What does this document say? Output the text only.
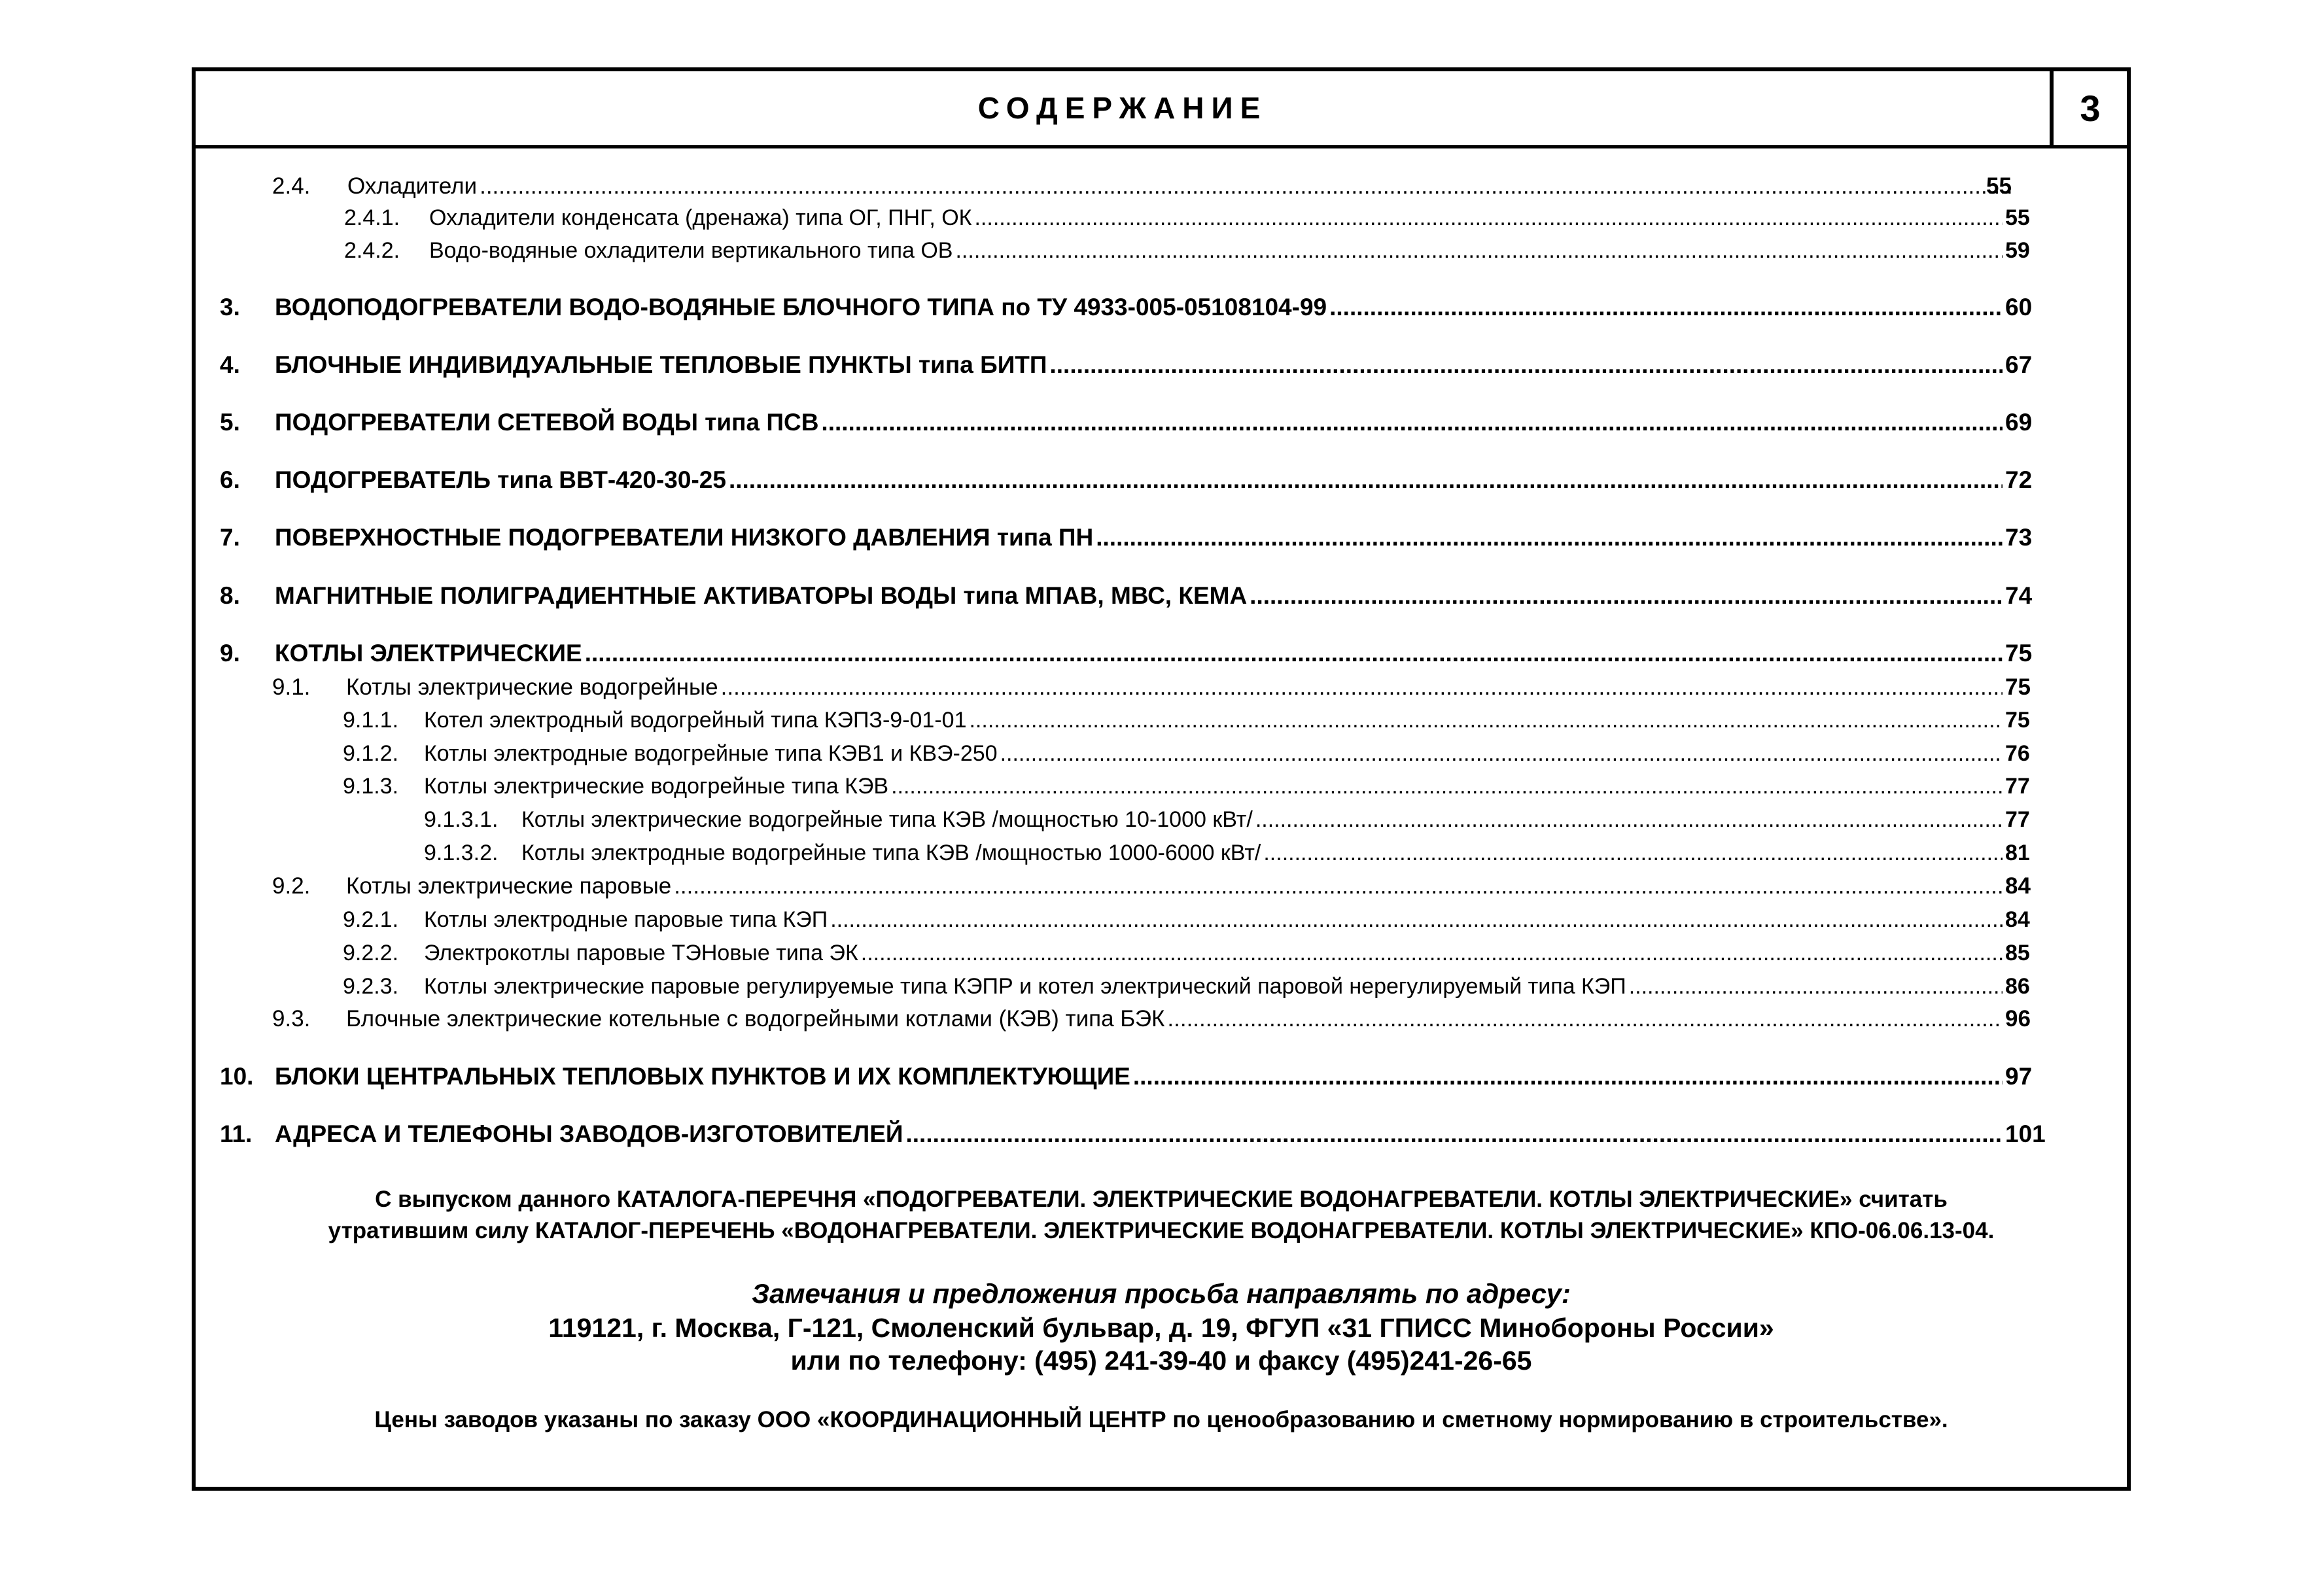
СОДЕРЖАНИЕ	3
2.4.	Охладители .....	55
2.4.1.	Охладители конденсата (дренажа) типа ОГ, ПНГ, ОК .....	55
2.4.2.	Водо-водяные охладители вертикального типа ОВ .....	59
3.	ВОДОПОДОГРЕВАТЕЛИ ВОДО-ВОДЯНЫЕ БЛОЧНОГО ТИПА по ТУ 4933-005-05108104-99 .....	60
4.	БЛОЧНЫЕ ИНДИВИДУАЛЬНЫЕ ТЕПЛОВЫЕ ПУНКТЫ типа БИТП .....	67
5.	ПОДОГРЕВАТЕЛИ СЕТЕВОЙ ВОДЫ типа ПСВ .....	69
6.	ПОДОГРЕВАТЕЛЬ типа ВВТ-420-30-25 .....	72
7.	ПОВЕРХНОСТНЫЕ ПОДОГРЕВАТЕЛИ НИЗКОГО ДАВЛЕНИЯ типа ПН .....	73
8.	МАГНИТНЫЕ ПОЛИГРАДИЕНТНЫЕ АКТИВАТОРЫ ВОДЫ типа МПАВ, МВС, КЕМА .....	74
9.	КОТЛЫ ЭЛЕКТРИЧЕСКИЕ .....	75
9.1.	Котлы электрические водогрейные .....	75
9.1.1.	Котел электродный водогрейный типа КЭПЗ-9-01-01 .....	75
9.1.2.	Котлы электродные водогрейные типа КЭВ1 и КВЭ-250 .....	76
9.1.3.	Котлы электрические водогрейные типа КЭВ .....	77
9.1.3.1.	Котлы электрические водогрейные типа КЭВ /мощностью 10-1000 кВт/ .....	77
9.1.3.2.	Котлы электродные водогрейные типа КЭВ /мощностью 1000-6000 кВт/ .....	81
9.2.	Котлы электрические паровые .....	84
9.2.1.	Котлы электродные паровые типа КЭП .....	84
9.2.2.	Электрокотлы паровые ТЭНовые типа ЭК .....	85
9.2.3.	Котлы электрические паровые регулируемые типа КЭПР и котел электрический паровой нерегулируемый типа КЭП .....	86
9.3.	Блочные электрические котельные с водогрейными котлами (КЭВ) типа БЭК .....	96
10. БЛОКИ ЦЕНТРАЛЬНЫХ ТЕПЛОВЫХ ПУНКТОВ И ИХ КОМПЛЕКТУЮЩИЕ .....	97
11. АДРЕСА И ТЕЛЕФОНЫ ЗАВОДОВ-ИЗГОТОВИТЕЛЕЙ .....	101
С выпуском данного КАТАЛОГА-ПЕРЕЧНЯ «ПОДОГРЕВАТЕЛИ. ЭЛЕКТРИЧЕСКИЕ ВОДОНАГРЕВАТЕЛИ. КОТЛЫ ЭЛЕКТРИЧЕСКИЕ» считать
утратившим силу КАТАЛОГ-ПЕРЕЧЕНЬ «ВОДОНАГРЕВАТЕЛИ. ЭЛЕКТРИЧЕСКИЕ ВОДОНАГРЕВАТЕЛИ. КОТЛЫ ЭЛЕКТРИЧЕСКИЕ» КПО-06.06.13-04.
Замечания и предложения просьба направлять по адресу:
119121, г. Москва, Г-121, Смоленский бульвар, д. 19, ФГУП «31 ГПИСС Минобороны России»
или по телефону: (495) 241-39-40 и факсу (495)241-26-65
Цены заводов указаны по заказу ООО «КООРДИНАЦИОННЫЙ ЦЕНТР по ценообразованию и сметному нормированию в строительстве».
